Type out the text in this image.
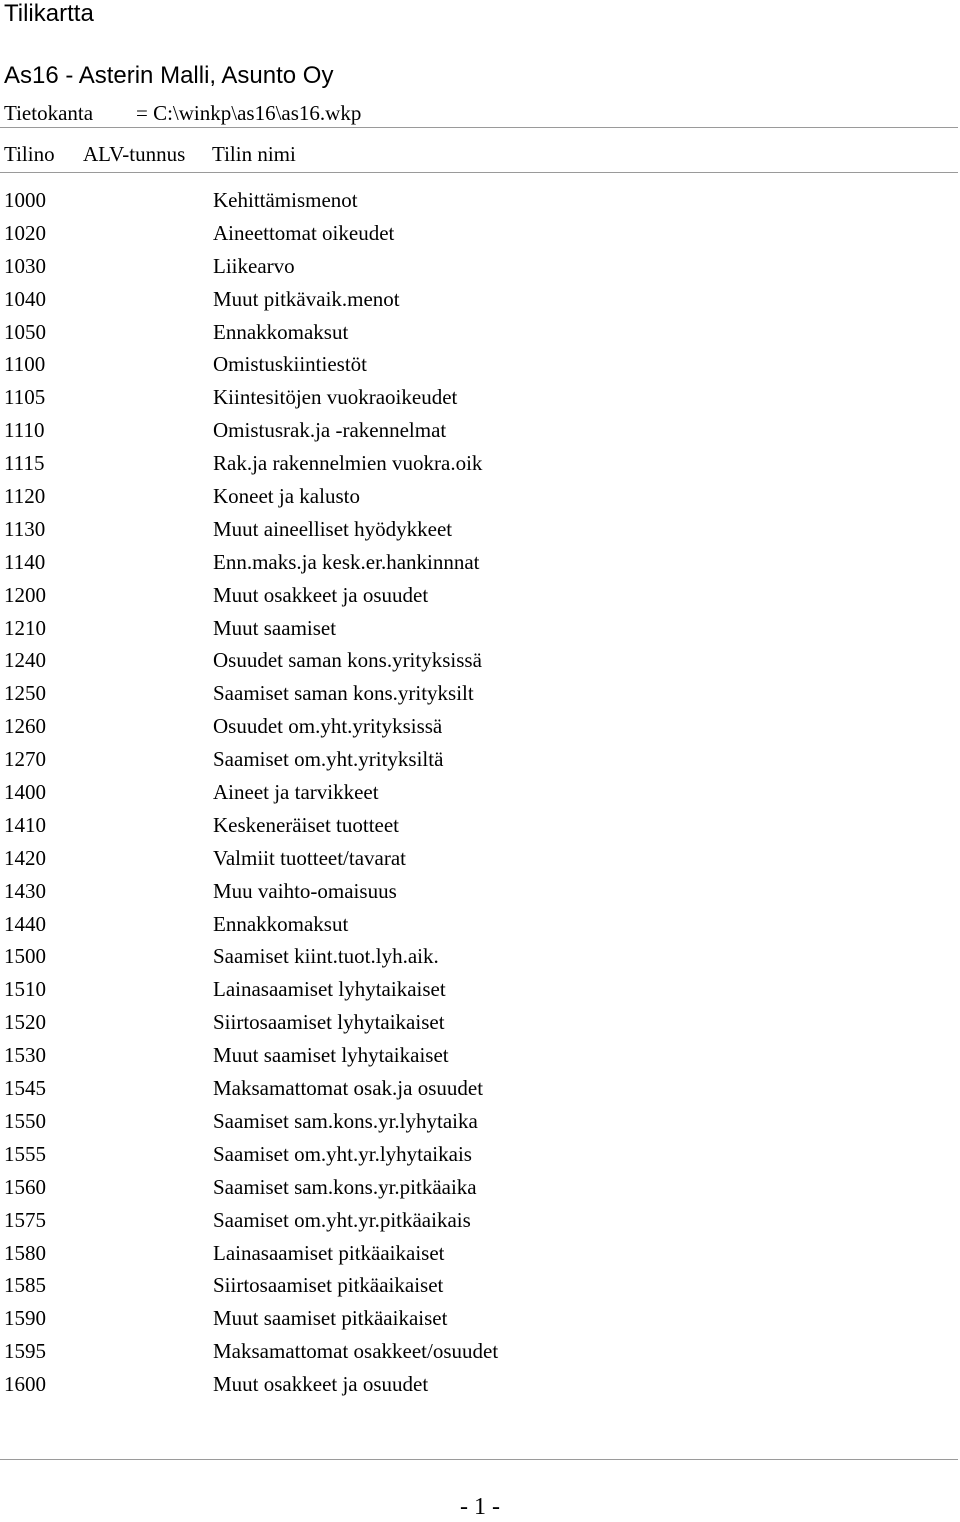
Tilikartta
As16 - Asterin Malli, Asunto Oy
Tietokanta = C:\winkp\as16\as16.wkp
Tilino ALV-tunnus Tilin nimi
1000	Kehittämismenot
1020	Aineettomat oikeudet
1030	Liikearvo
1040	Muut pitkävaik.menot
1050	Ennakkomaksut
1100	Omistuskiintiestöt
1105	Kiintesitöjen vuokraoikeudet
1110	Omistusrak.ja -rakennelmat
1115	Rak.ja rakennelmien vuokra.oik
1120	Koneet ja kalusto
1130	Muut aineelliset hyödykkeet
1140	Enn.maks.ja kesk.er.hankinnnat
1200	Muut osakkeet ja osuudet
1210	Muut saamiset
1240	Osuudet saman kons.yrityksissä
1250	Saamiset saman kons.yrityksilt
1260	Osuudet om.yht.yrityksissä
1270	Saamiset om.yht.yrityksiltä
1400	Aineet ja tarvikkeet
1410	Keskeneräiset tuotteet
1420	Valmiit tuotteet/tavarat
1430	Muu vaihto-omaisuus
1440	Ennakkomaksut
1500	Saamiset kiint.tuot.lyh.aik.
1510	Lainasaamiset lyhytaikaiset
1520	Siirtosaamiset lyhytaikaiset
1530	Muut saamiset lyhytaikaiset
1545	Maksamattomat osak.ja osuudet
1550	Saamiset sam.kons.yr.lyhytaika
1555	Saamiset om.yht.yr.lyhytaikais
1560	Saamiset sam.kons.yr.pitkäaika
1575	Saamiset om.yht.yr.pitkäaikais
1580	Lainasaamiset pitkäaikaiset
1585	Siirtosaamiset pitkäaikaiset
1590	Muut saamiset pitkäaikaiset
1595	Maksamattomat osakkeet/osuudet
1600	Muut osakkeet ja osuudet
- 1 -
